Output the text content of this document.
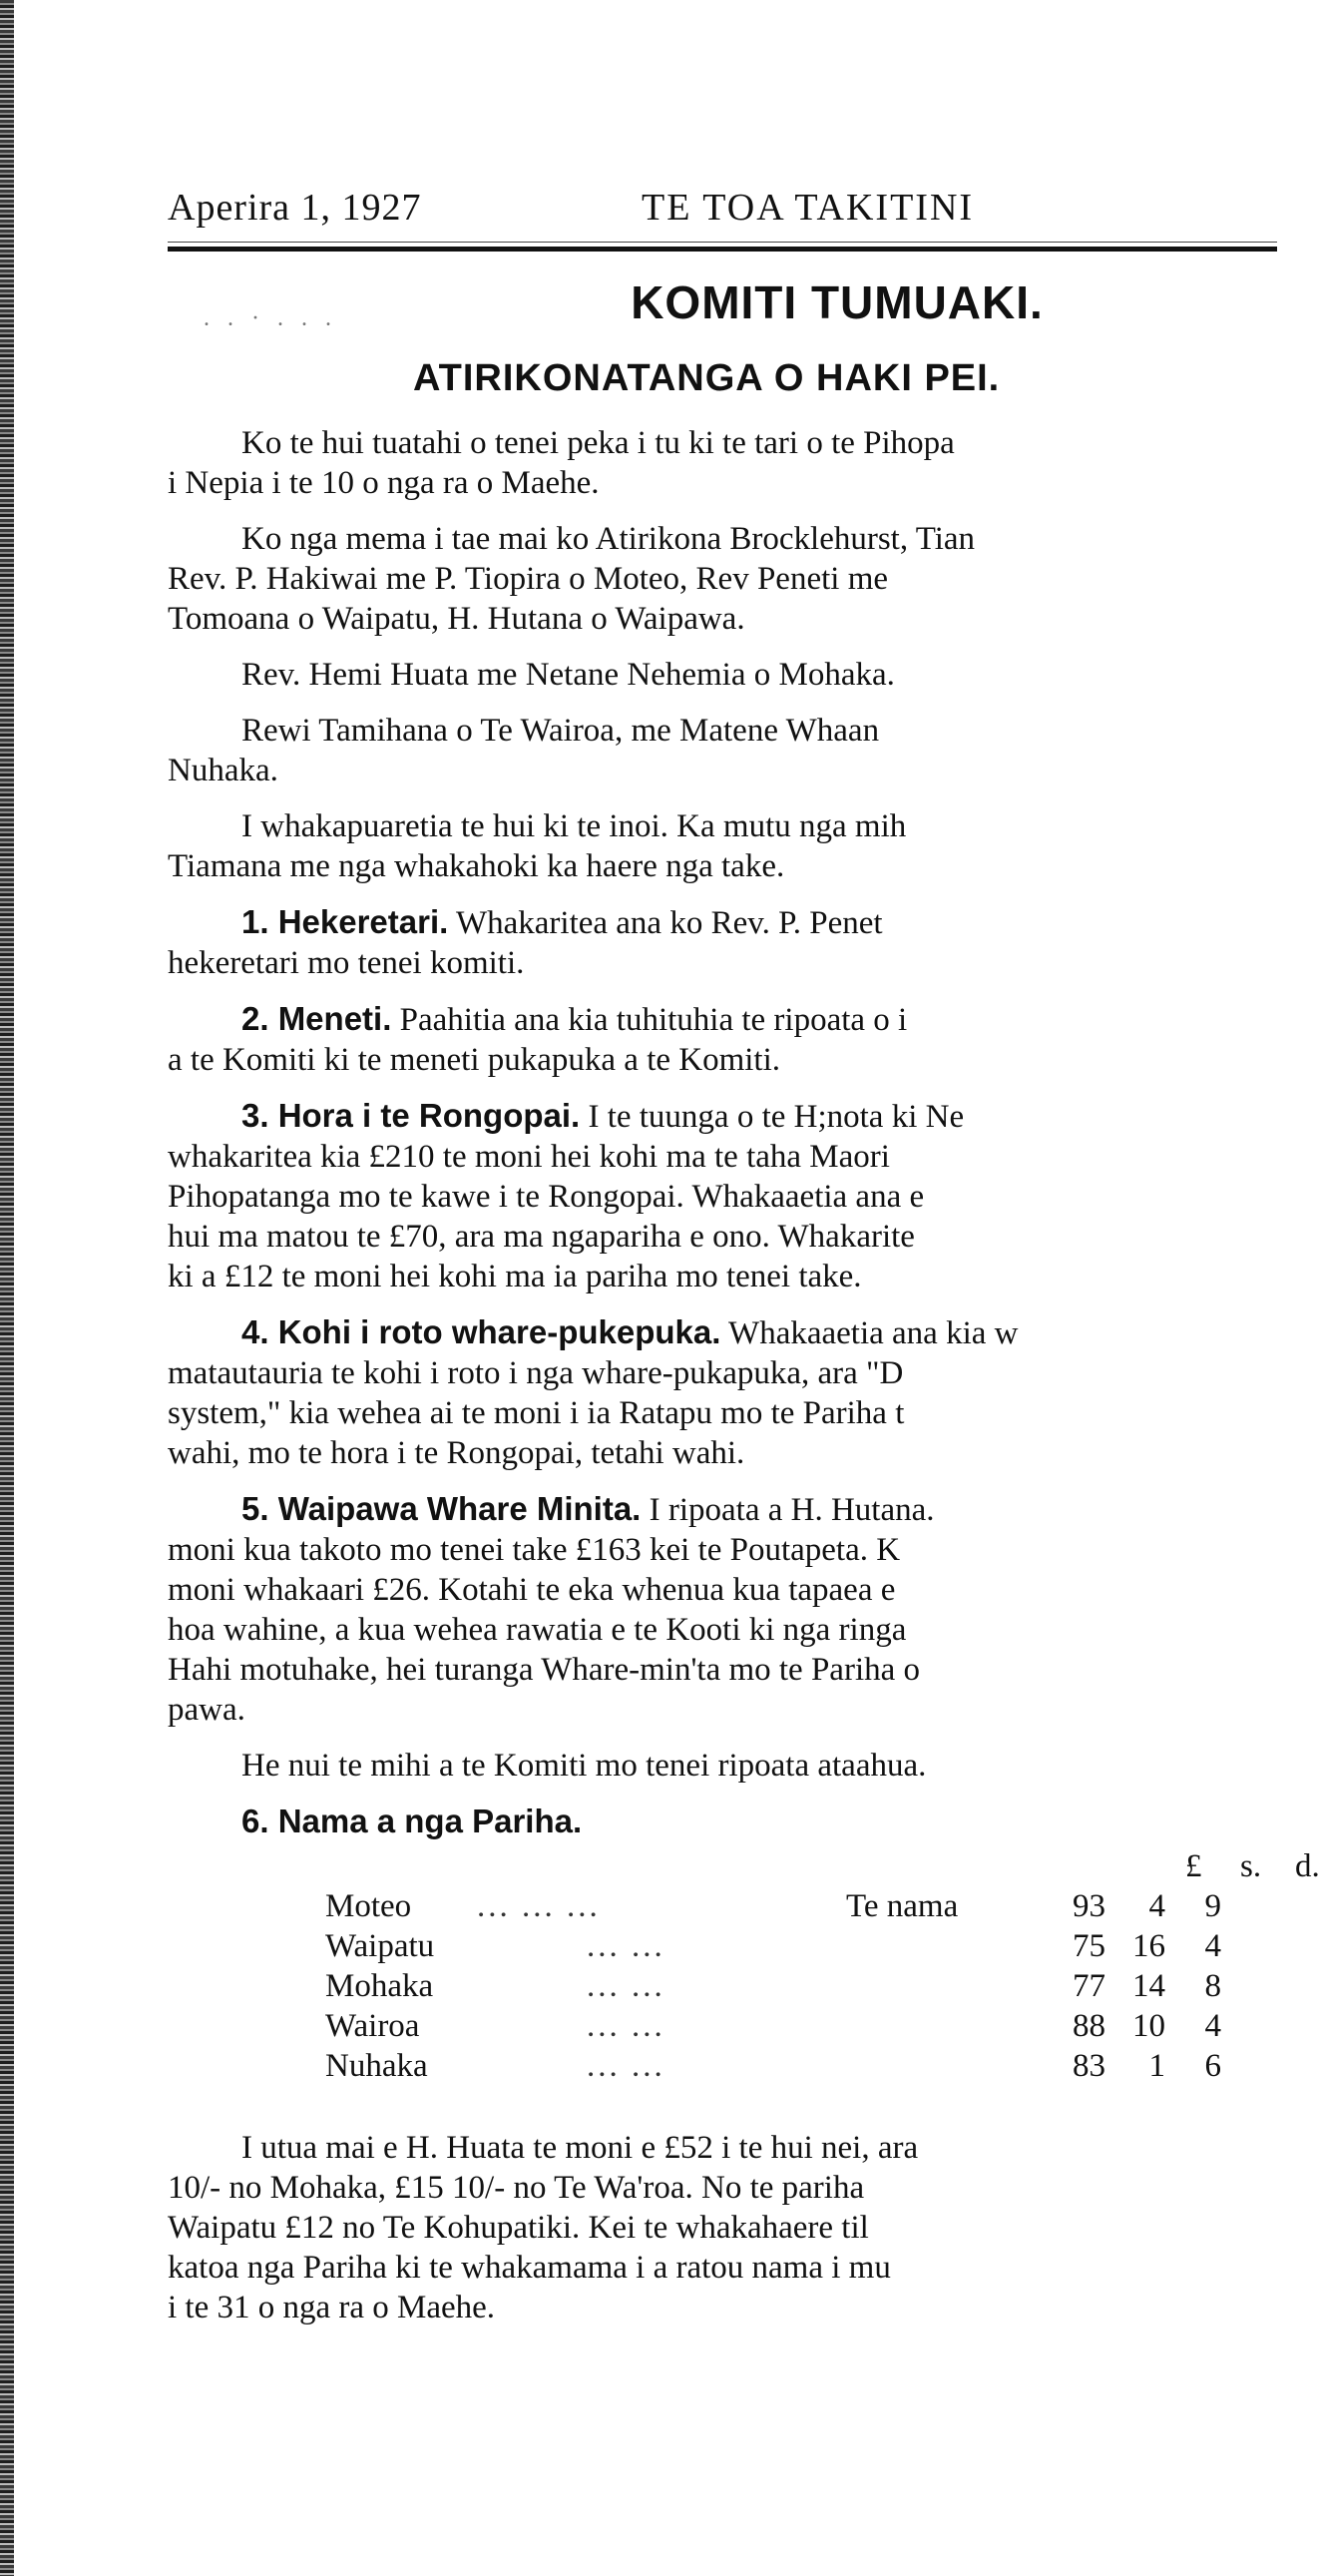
Aperira 1, 1927	TE TOA TAKITINI
. . · . . .	KOMITI TUMUAKI.
ATIRIKONATANGA O HAKI PEI.
Ko te hui tuatahi o tenei peka i tu ki te tari o te Pihopa
i Nepia i te 10 o nga ra o Maehe.
Ko nga mema i tae mai ko Atirikona Brocklehurst, Tian
Rev. P. Hakiwai me P. Tiopira o Moteo, Rev Peneti me
Tomoana o Waipatu, H. Hutana o Waipawa.
Rev. Hemi Huata me Netane Nehemia o Mohaka.
Rewi Tamihana o Te Wairoa, me Matene Whaan
Nuhaka.
I whakapuaretia te hui ki te inoi. Ka mutu nga mih
Tiamana me nga whakahoki ka haere nga take.
1. Hekeretari. Whakaritea ana ko Rev. P. Penet
hekeretari mo tenei komiti.
2. Meneti. Paahitia ana kia tuhituhia te ripoata o i
a te Komiti ki te meneti pukapuka a te Komiti.
3. Hora i te Rongopai. I te tuunga o te H;nota ki Ne
whakaritea kia £210 te moni hei kohi ma te taha Maori
Pihopatanga mo te kawe i te Rongopai. Whakaaetia ana e
hui ma matou te £70, ara ma ngapariha e ono. Whakarite
ki a £12 te moni hei kohi ma ia pariha mo tenei take.
4. Kohi i roto whare-pukepuka. Whakaaetia ana kia w
matautauria te kohi i roto i nga whare-pukapuka, ara "D
system," kia wehea ai te moni i ia Ratapu mo te Pariha t
wahi, mo te hora i te Rongopai, tetahi wahi.
5. Waipawa Whare Minita. I ripoata a H. Hutana.
moni kua takoto mo tenei take £163 kei te Poutapeta. K
moni whakaari £26. Kotahi te eka whenua kua tapaea e
hoa wahine, a kua wehea rawatia e te Kooti ki nga ringa
Hahi motuhake, hei turanga Whare-min'ta mo te Pariha o
pawa.
He nui te mihi a te Komiti mo tenei ripoata ataahua.
6. Nama a nga Pariha.
£ s. d.
Moteo ... ... ...	Te nama	93	4	9
Waipatu	... ...	75 16	4
Mohaka	... ...	77 14	8
Wairoa	... ...	88 10	4
Nuhaka	... ...	83	1	6
I utua mai e H. Huata te moni e £52 i te hui nei, ara
10/- no Mohaka, £15 10/- no Te Wa'roa. No te pariha
Waipatu £12 no Te Kohupatiki. Kei te whakahaere til
katoa nga Pariha ki te whakamama i a ratou nama i mu
i te 31 o nga ra o Maehe.
